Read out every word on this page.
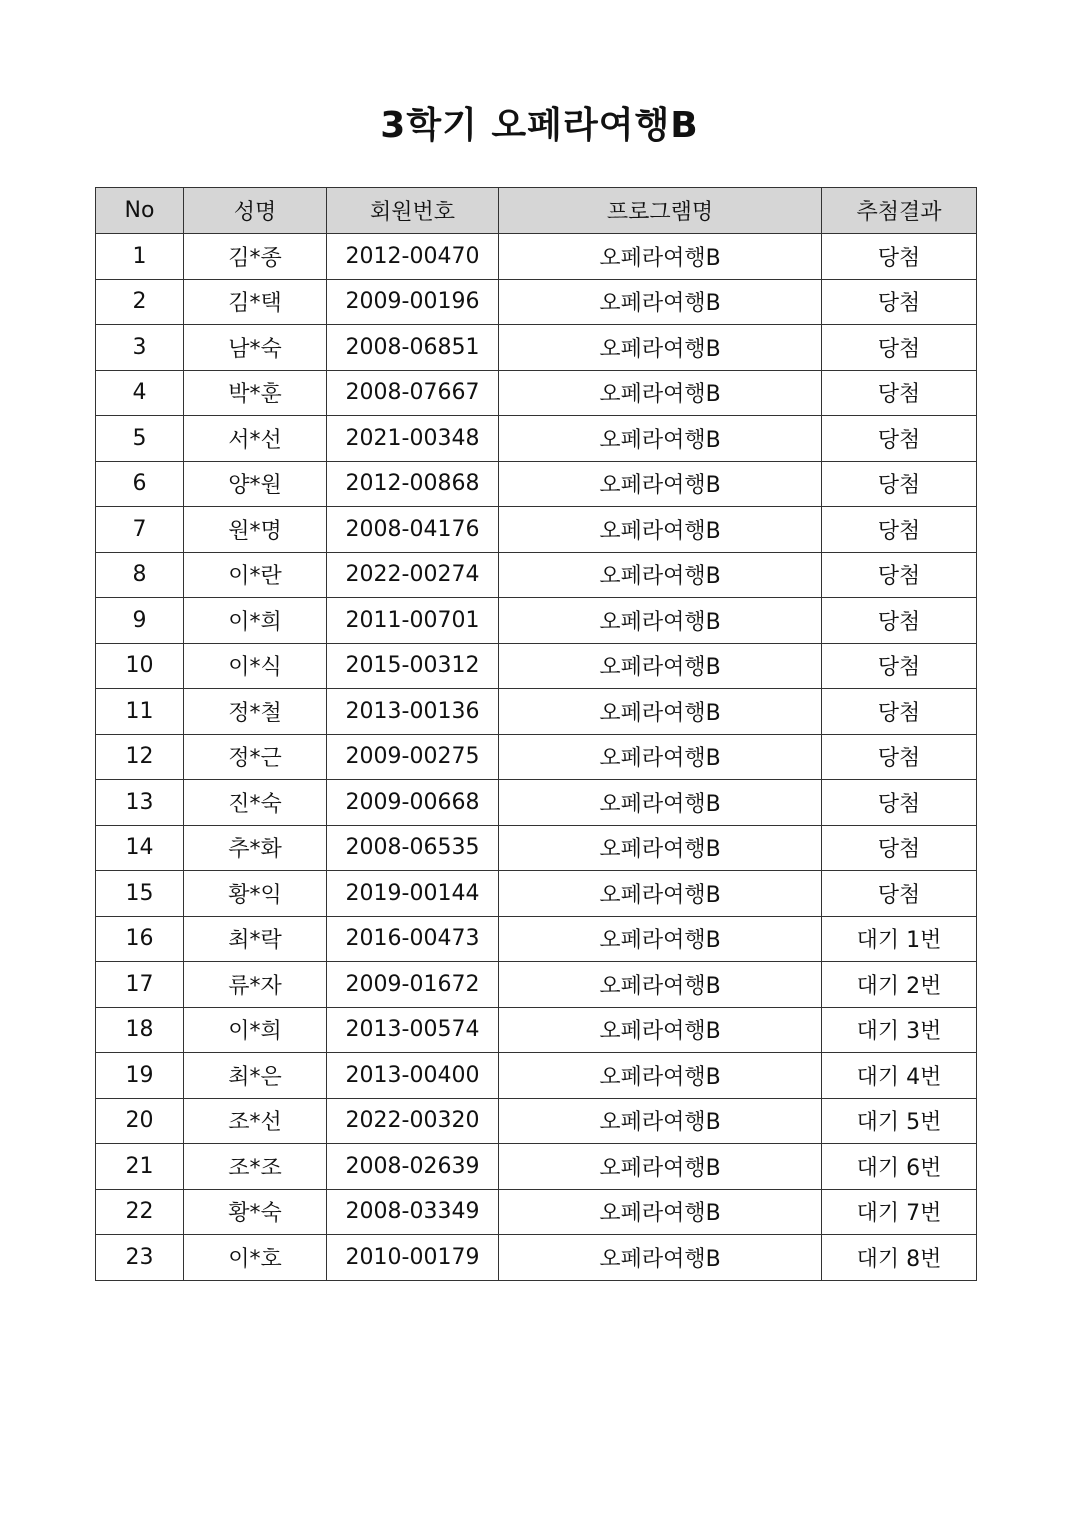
3학기 오페라여행B
No	성명	회원번호	프로그램명	추첨결과
1	김*종	2012-00470	오페라여행B	당첨
2	김*택	2009-00196	오페라여행B	당첨
3	남*숙	2008-06851	오페라여행B	당첨
4	박*훈	2008-07667	오페라여행B	당첨
5	서*선	2021-00348	오페라여행B	당첨
6	양*원	2012-00868	오페라여행B	당첨
7	원*명	2008-04176	오페라여행B	당첨
8	이*란	2022-00274	오페라여행B	당첨
9	이*희	2011-00701	오페라여행B	당첨
10	이*식	2015-00312	오페라여행B	당첨
11	정*철	2013-00136	오페라여행B	당첨
12	정*근	2009-00275	오페라여행B	당첨
13	진*숙	2009-00668	오페라여행B	당첨
14	추*화	2008-06535	오페라여행B	당첨
15	황*익	2019-00144	오페라여행B	당첨
16	최*락	2016-00473	오페라여행B	대기 1번
17	류*자	2009-01672	오페라여행B	대기 2번
18	이*희	2013-00574	오페라여행B	대기 3번
19	최*은	2013-00400	오페라여행B	대기 4번
20	조*선	2022-00320	오페라여행B	대기 5번
21	조*조	2008-02639	오페라여행B	대기 6번
22	황*숙	2008-03349	오페라여행B	대기 7번
23	이*호	2010-00179	오페라여행B	대기 8번
